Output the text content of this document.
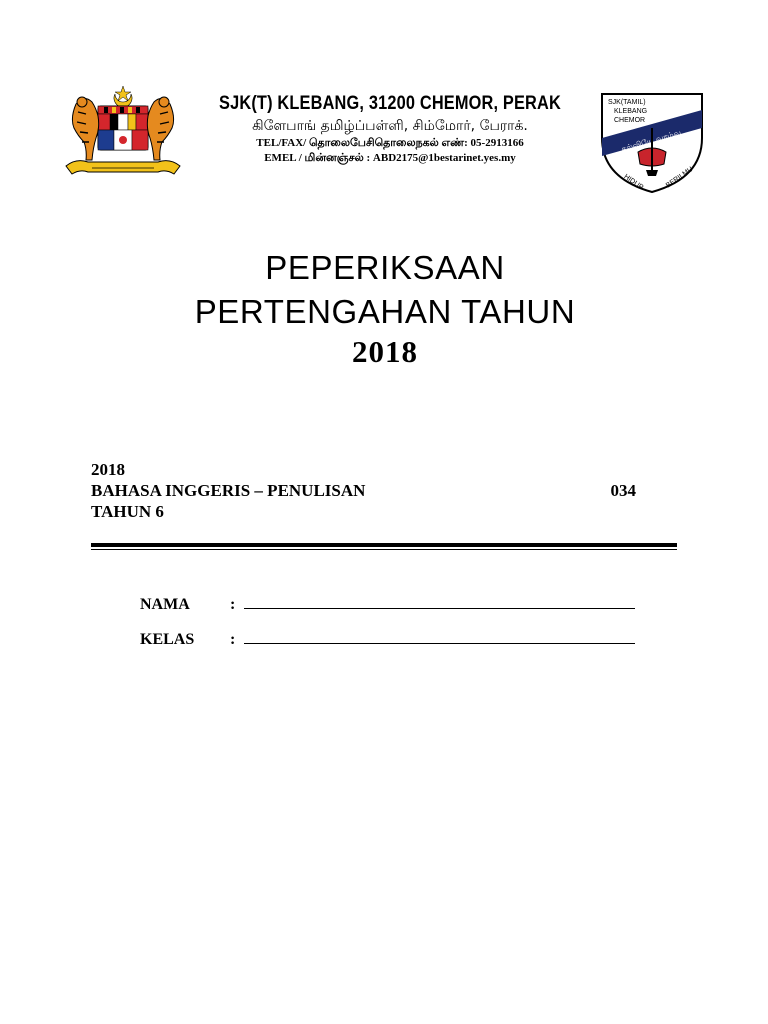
SJK(T) KLEBANG, 31200 CHEMOR, PERAK

கிளேபாங் தமிழ்ப்பள்ளி, சிம்மோர், பேராக்.

TEL/FAX/ தொலைபேசிதொலைநகல் எண்: 05-2913166

EMEL / மின்னஞ்சல் : ABD2175@1bestarinet.yes.my

SJK(TAMIL)
KLEBANG
CHEMOR
கல்வியே வாழ்வு
HIDUP	BERILMU

PEPERIKSAAN

PERTENGAHAN TAHUN

2018

2018
BAHASA INGGERIS – PENULISAN	034
TAHUN 6
NAMA	:
KELAS	:
